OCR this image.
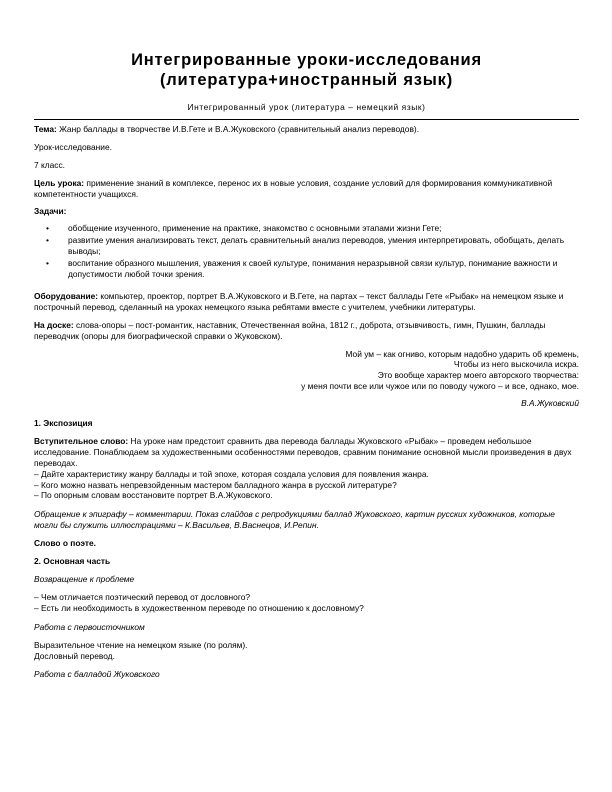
Интегрированные уроки-исследования
(литература+иностранный язык)
Интегрированный урок (литература – немецкий язык)

Тема: Жанр баллады в творчестве И.В.Гете и В.А.Жуковского (сравнительный анализ переводов).

Урок-исследование.

7 класс.

Цель урока: применение знаний в комплексе, перенос их в новые условия, создание условий для формирования коммуникативной компетентности учащихся.

Задачи:

• обобщение изученного, применение на практике, знакомство с основными этапами жизни Гете;
• развитие умения анализировать текст, делать сравнительный анализ переводов, умения интерпретировать, обобщать, делать выводы;
• воспитание образного мышления, уважения к своей культуре, понимания неразрывной связи культур, понимание важности и допустимости любой точки зрения.

Оборудование: компьютер, проектор, портрет В.А.Жуковского и В.Гете, на партах – текст баллады Гете «Рыбак» на немецком языке и построчный перевод, сделанный на уроках немецкого языка ребятами вместе с учителем, учебники литературы.

На доске: слова-опоры – пост-романтик, наставник, Отечественная война, 1812 г., доброта, отзывчивость, гимн, Пушкин, баллады переводчик (опоры для биографической справки о Жуковском).

Мой ум – как огниво, которым надобно ударить об кремень,
Чтобы из него выскочила искра.
Это вообще характер моего авторского творчества:
у меня почти все или чужое или по поводу чужого – и все, однако, мое.
В.А.Жуковский

1. Экспозиция

Вступительное слово: На уроке нам предстоит сравнить два перевода баллады Жуковского «Рыбак» – проведем небольшое исследование. Понаблюдаем за художественными особенностями переводов, сравним понимание основной мысли произведения в двух переводах.

– Дайте характеристику жанру баллады и той эпохе, которая создала условия для появления жанра.
– Кого можно назвать непревзойденным мастером балладного жанра в русской литературе?
– По опорным словам восстановите портрет В.А.Жуковского.

Обращение к эпиграфу – комментарии. Показ слайдов с репродукциями баллад Жуковского, картин русских художников, которые могли бы служить иллюстрациями – К.Васильев, В.Васнецов, И.Репин.

Слово о поэте.

2. Основная часть

Возвращение к проблеме

– Чем отличается поэтический перевод от дословного?
– Есть ли необходимость в художественном переводе по отношению к дословному?

Работа с первоисточником

Выразительное чтение на немецком языке (по ролям).
Дословный перевод.

Работа с балладой Жуковского
